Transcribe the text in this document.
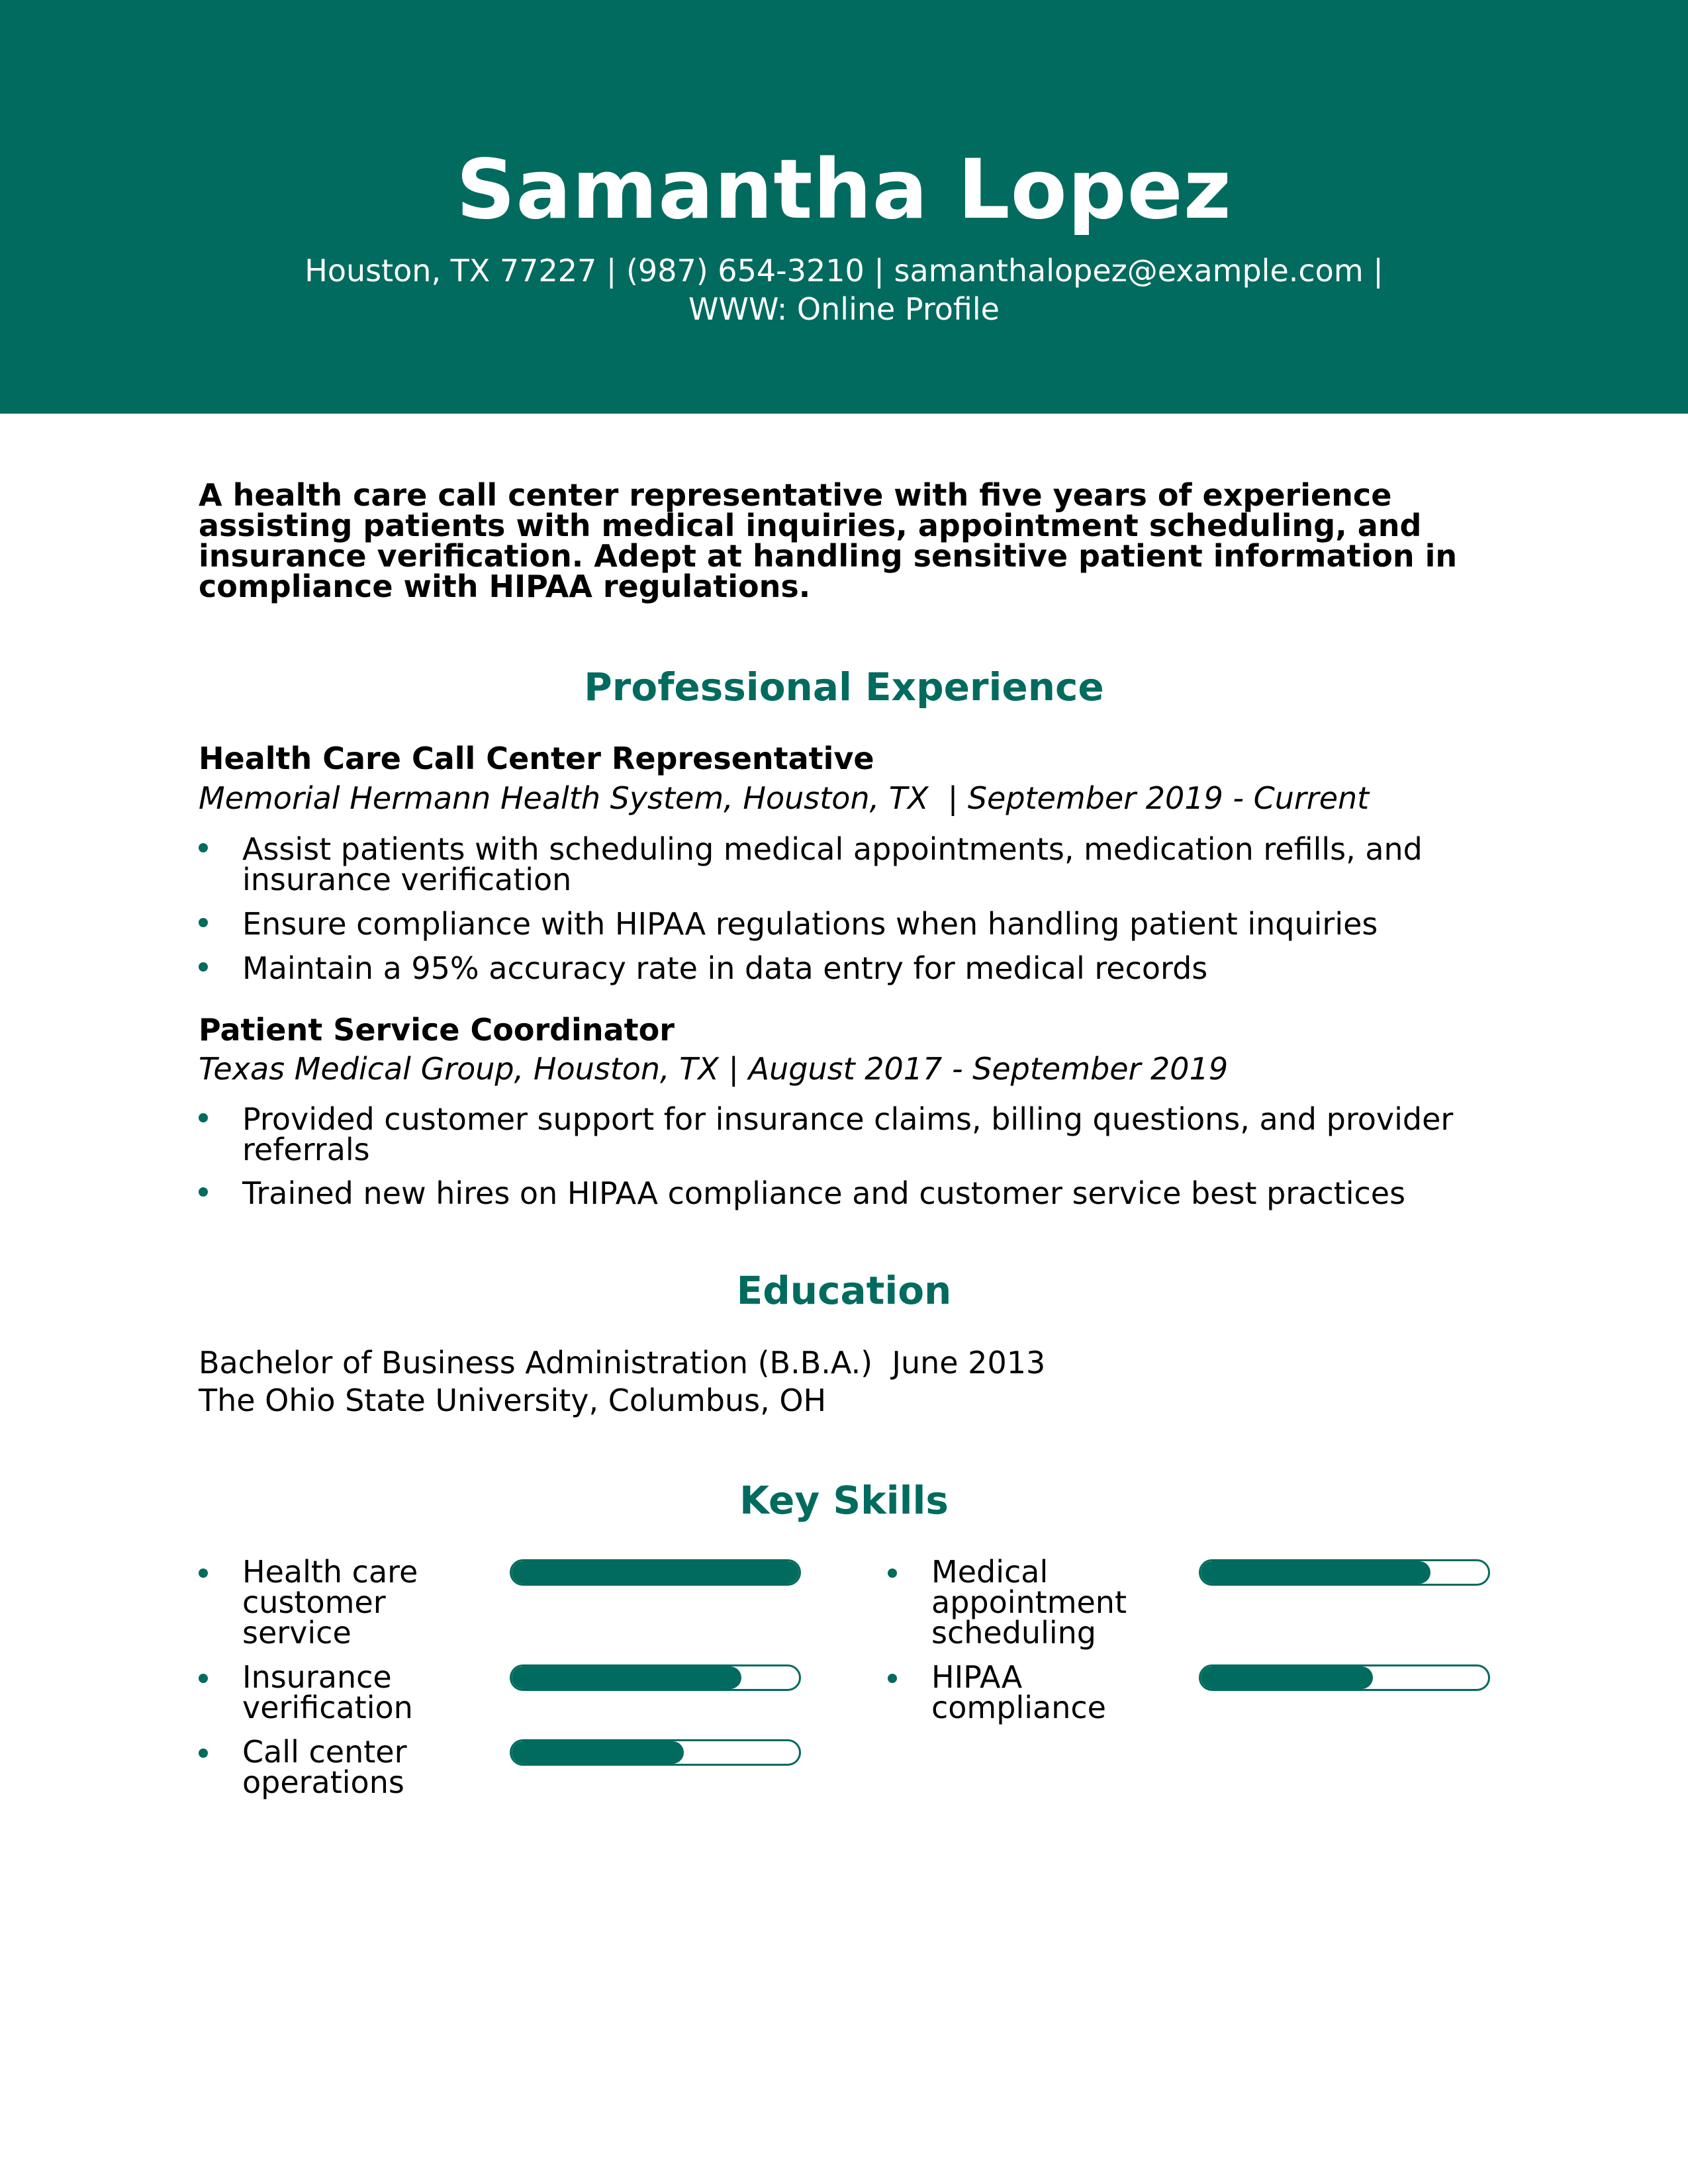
Samantha Lopez
Houston, TX 77227 | (987) 654-3210 | samanthalopez@example.com |
WWW: Online Profile
A health care call center representative with five years of experience assisting patients with medical inquiries, appointment scheduling, and insurance verification. Adept at handling sensitive patient information in compliance with HIPAA regulations.
Professional Experience
Health Care Call Center Representative
Memorial Hermann Health System, Houston, TX  | September 2019 - Current
Assist patients with scheduling medical appointments, medication refills, and insurance verification
Ensure compliance with HIPAA regulations when handling patient inquiries
Maintain a 95% accuracy rate in data entry for medical records
Patient Service Coordinator
Texas Medical Group, Houston, TX | August 2017 - September 2019
Provided customer support for insurance claims, billing questions, and provider referrals
Trained new hires on HIPAA compliance and customer service best practices
Education
Bachelor of Business Administration (B.B.A.)  June 2013
The Ohio State University, Columbus, OH
Key Skills
Health care customer service
Medical appointment scheduling
Insurance verification
HIPAA compliance
Call center operations
